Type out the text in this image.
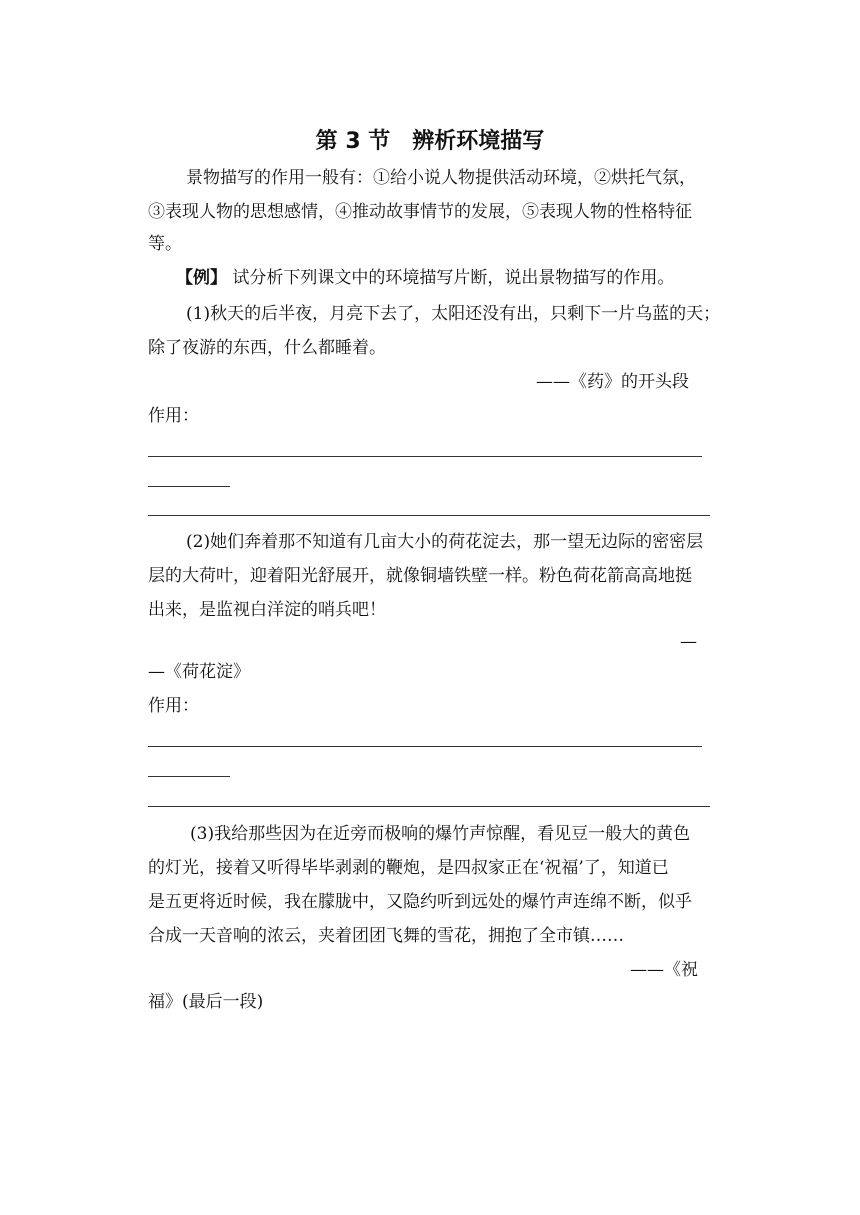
第 3 节　辨析环境描写
景物描写的作用一般有：①给小说人物提供活动环境，②烘托气氛，
③表现人物的思想感情，④推动故事情节的发展，⑤表现人物的性格特征
等。
【例】 试分析下列课文中的环境描写片断，说出景物描写的作用。
(1)秋天的后半夜，月亮下去了，太阳还没有出，只剩下一片乌蓝的天；
除了夜游的东西，什么都睡着。
——《药》的开头段
作用：
(2)她们奔着那不知道有几亩大小的荷花淀去，那一望无边际的密密层
层的大荷叶，迎着阳光舒展开，就像铜墙铁壁一样。粉色荷花箭高高地挺
出来，是监视白洋淀的哨兵吧！
—
—《荷花淀》
作用：
(3)我给那些因为在近旁而极响的爆竹声惊醒，看见豆一般大的黄色
的灯光，接着又听得毕毕剥剥的鞭炮，是四叔家正在‘祝福’了，知道已
是五更将近时候，我在朦胧中，又隐约听到远处的爆竹声连绵不断，似乎
合成一天音响的浓云，夹着团团飞舞的雪花，拥抱了全市镇……
——《祝
福》(最后一段)
